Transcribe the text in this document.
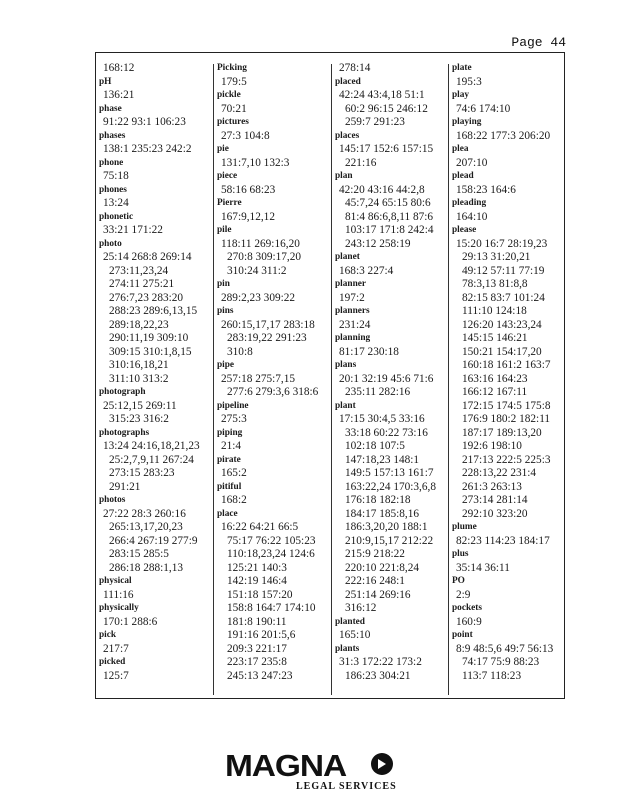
Page 44
168:12
pH
136:21
phase
91:22 93:1 106:23
phases
138:1 235:23 242:2
phone
75:18
phones
13:24
phonetic
33:21 171:22
photo
25:14 268:8 269:14
273:11,23,24
274:11 275:21
276:7,23 283:20
288:23 289:6,13,15
289:18,22,23
290:11,19 309:10
309:15 310:1,8,15
310:16,18,21
311:10 313:2
photograph
25:12,15 269:11
315:23 316:2
photographs
13:24 24:16,18,21,23
25:2,7,9,11 267:24
273:15 283:23
291:21
photos
27:22 28:3 260:16
265:13,17,20,23
266:4 267:19 277:9
283:15 285:5
286:18 288:1,13
physical
111:16
physically
170:1 288:6
pick
217:7
picked
125:7
Picking
179:5
pickle
70:21
pictures
27:3 104:8
pie
131:7,10 132:3
piece
58:16 68:23
Pierre
167:9,12,12
pile
118:11 269:16,20
270:8 309:17,20
310:24 311:2
pin
289:2,23 309:22
pins
260:15,17,17 283:18
283:19,22 291:23
310:8
pipe
257:18 275:7,15
277:6 279:3,6 318:6
pipeline
275:3
piping
21:4
pirate
165:2
pitiful
168:2
place
16:22 64:21 66:5
75:17 76:22 105:23
110:18,23,24 124:6
125:21 140:3
142:19 146:4
151:18 157:20
158:8 164:7 174:10
181:8 190:11
191:16 201:5,6
209:3 221:17
223:17 235:8
245:13 247:23
278:14
placed
42:24 43:4,18 51:1
60:2 96:15 246:12
259:7 291:23
places
145:17 152:6 157:15
221:16
plan
42:20 43:16 44:2,8
45:7,24 65:15 80:6
81:4 86:6,8,11 87:6
103:17 171:8 242:4
243:12 258:19
planet
168:3 227:4
planner
197:2
planners
231:24
planning
81:17 230:18
plans
20:1 32:19 45:6 71:6
235:11 282:16
plant
17:15 30:4,5 33:16
33:18 60:22 73:16
102:18 107:5
147:18,23 148:1
149:5 157:13 161:7
163:22,24 170:3,6,8
176:18 182:18
184:17 185:8,16
186:3,20,20 188:1
210:9,15,17 212:22
215:9 218:22
220:10 221:8,24
222:16 248:1
251:14 269:16
316:12
planted
165:10
plants
31:3 172:22 173:2
186:23 304:21
plate
195:3
play
74:6 174:10
playing
168:22 177:3 206:20
plea
207:10
plead
158:23 164:6
pleading
164:10
please
15:20 16:7 28:19,23
29:13 31:20,21
49:12 57:11 77:19
78:3,13 81:8,8
82:15 83:7 101:24
111:10 124:18
126:20 143:23,24
145:15 146:21
150:21 154:17,20
160:18 161:2 163:7
163:16 164:23
166:12 167:11
172:15 174:5 175:8
176:9 180:2 182:11
187:17 189:13,20
192:6 198:10
217:13 222:5 225:3
228:13,22 231:4
261:3 263:13
273:14 281:14
292:10 323:20
plume
82:23 114:23 184:17
plus
35:14 36:11
PO
2:9
pockets
160:9
point
8:9 48:5,6 49:7 56:13
74:17 75:9 88:23
113:7 118:23
MAGNA
LEGAL SERVICES
